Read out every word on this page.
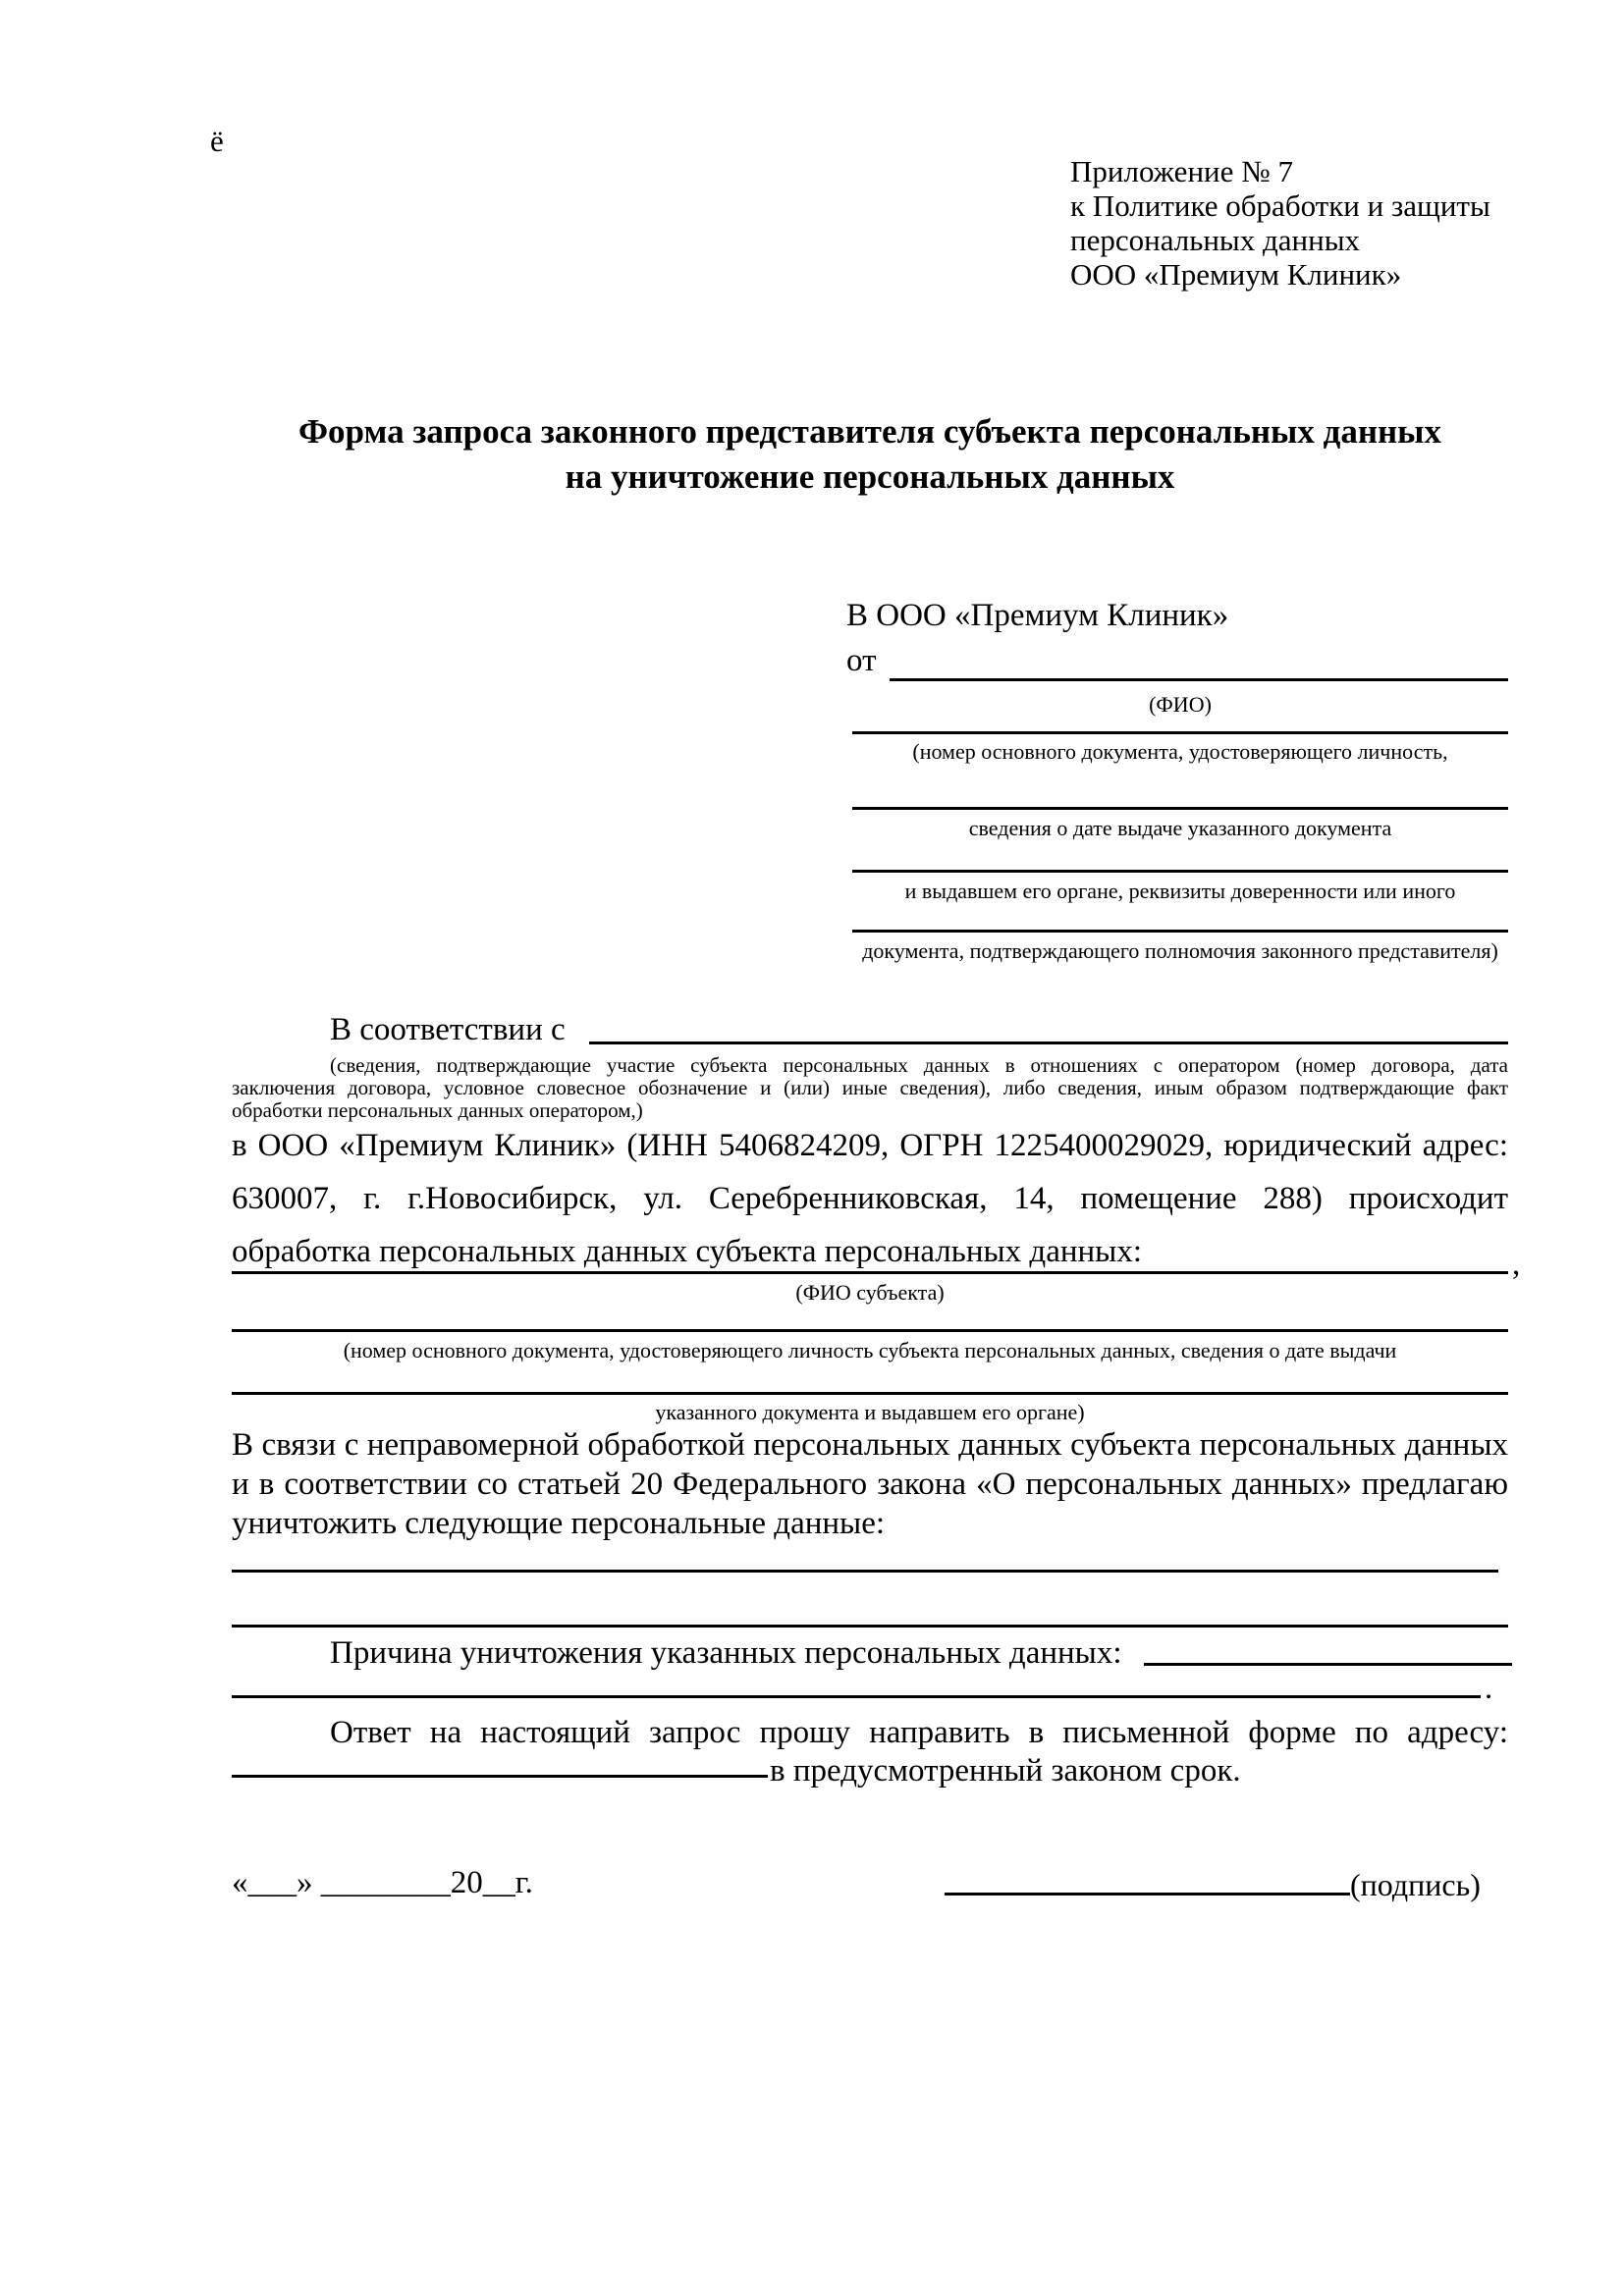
ё
Приложение № 7
к Политике обработки и защиты
персональных данных
ООО «Премиум Клиник»
Форма запроса законного представителя субъекта персональных данных
на уничтожение персональных данных
В ООО «Премиум Клиник»
от
(ФИО)
(номер основного документа, удостоверяющего личность,
сведения о дате выдаче указанного документа
и выдавшем его органе, реквизиты доверенности или иного
документа, подтверждающего полномочия законного представителя)
В соответствии с
(сведения, подтверждающие участие субъекта персональных данных в отношениях с оператором (номер договора, дата
заключения договора, условное словесное обозначение и (или) иные сведения), либо сведения, иным образом подтверждающие факт
обработки персональных данных оператором,)
в ООО «Премиум Клиник» (ИНН 5406824209, ОГРН 1225400029029, юридический адрес:
630007, г. г.Новосибирск, ул. Серебренниковская, 14, помещение 288) происходит
обработка персональных данных субъекта персональных данных:	,
(ФИО субъекта)
(номер основного документа, удостоверяющего личность субъекта персональных данных, сведения о дате выдачи
указанного документа и выдавшем его органе)
В связи с неправомерной обработкой персональных данных субъекта персональных данных
и в соответствии со статьей 20 Федерального закона «О персональных данных» предлагаю
уничтожить следующие персональные данные:
Причина уничтожения указанных персональных данных:
.
Ответ на настоящий запрос прошу направить в письменной форме по адресу:
в предусмотренный законом срок.
«___» ________20__г.	(подпись)
